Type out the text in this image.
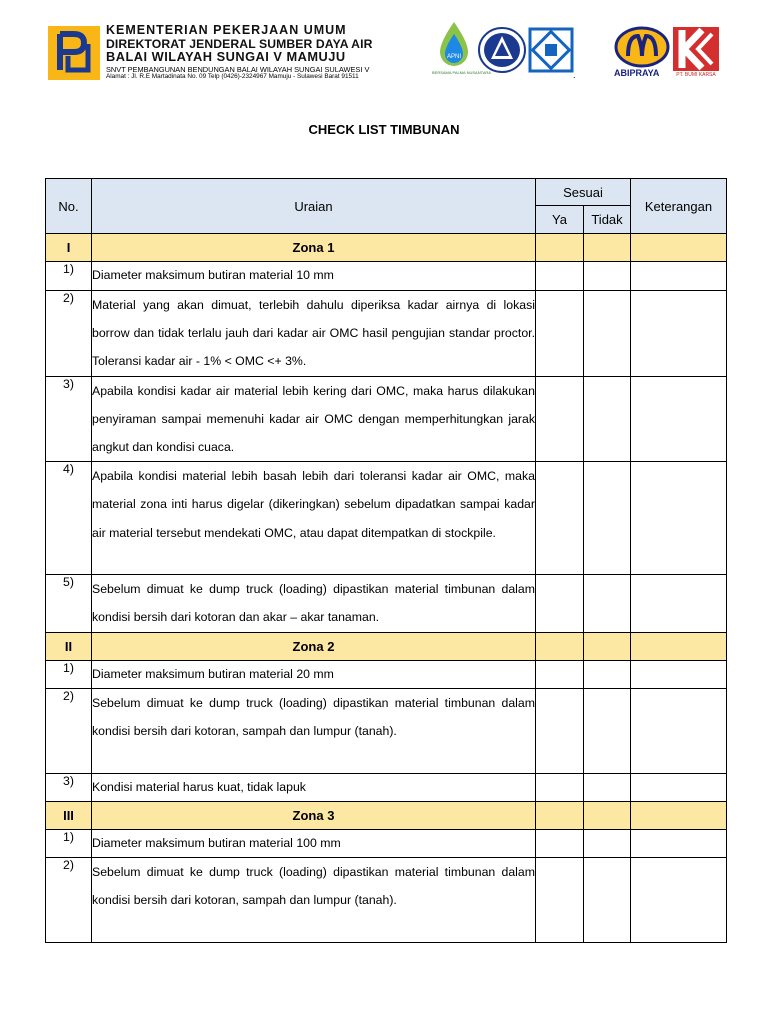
KEMENTERIAN PEKERJAAN UMUM
DIREKTORAT JENDERAL SUMBER DAYA AIR
BALAI WILAYAH SUNGAI V MAMUJU
SNVT PEMBANGUNAN BENDUNGAN BALAI WILAYAH SUNGAI SULAWESI V
Alamat : Jl. R.E Martadinata No. 09 Telp (0426)-2324967 Mamuju - Sulawesi Barat 91511
APNI
BERSAMA PALMA NUSANTARA	.	ABIPRAYA	PT. BUMI KARSA
CHECK LIST TIMBUNAN
No.	Uraian	Sesuai		Keterangan
		Ya	Tidak	
I	Zona 1			
1)	Diameter maksimum butiran material 10 mm			
2)	Material yang akan dimuat, terlebih dahulu diperiksa kadar airnya di lokasi borrow dan tidak terlalu jauh dari kadar air OMC hasil pengujian standar proctor. Toleransi kadar air - 1% < OMC <+ 3%.			
3)	Apabila kondisi kadar air material lebih kering dari OMC, maka harus dilakukan penyiraman sampai memenuhi kadar air OMC dengan memperhitungkan jarak angkut dan kondisi cuaca.			
4)	Apabila kondisi material lebih basah lebih dari toleransi kadar air OMC, maka material zona inti harus digelar (dikeringkan) sebelum dipadatkan sampai kadar air material tersebut mendekati OMC, atau dapat ditempatkan di stockpile.			
5)	Sebelum dimuat ke dump truck (loading) dipastikan material timbunan dalam kondisi bersih dari kotoran dan akar – akar tanaman.			
II	Zona 2			
1)	Diameter maksimum butiran material 20 mm			
2)	Sebelum dimuat ke dump truck (loading) dipastikan material timbunan dalam kondisi bersih dari kotoran, sampah dan lumpur (tanah).			
3)	Kondisi material harus kuat, tidak lapuk			
III	Zona 3			
1)	Diameter maksimum butiran material 100 mm			
2)	Sebelum dimuat ke dump truck (loading) dipastikan material timbunan dalam kondisi bersih dari kotoran, sampah dan lumpur (tanah).			
